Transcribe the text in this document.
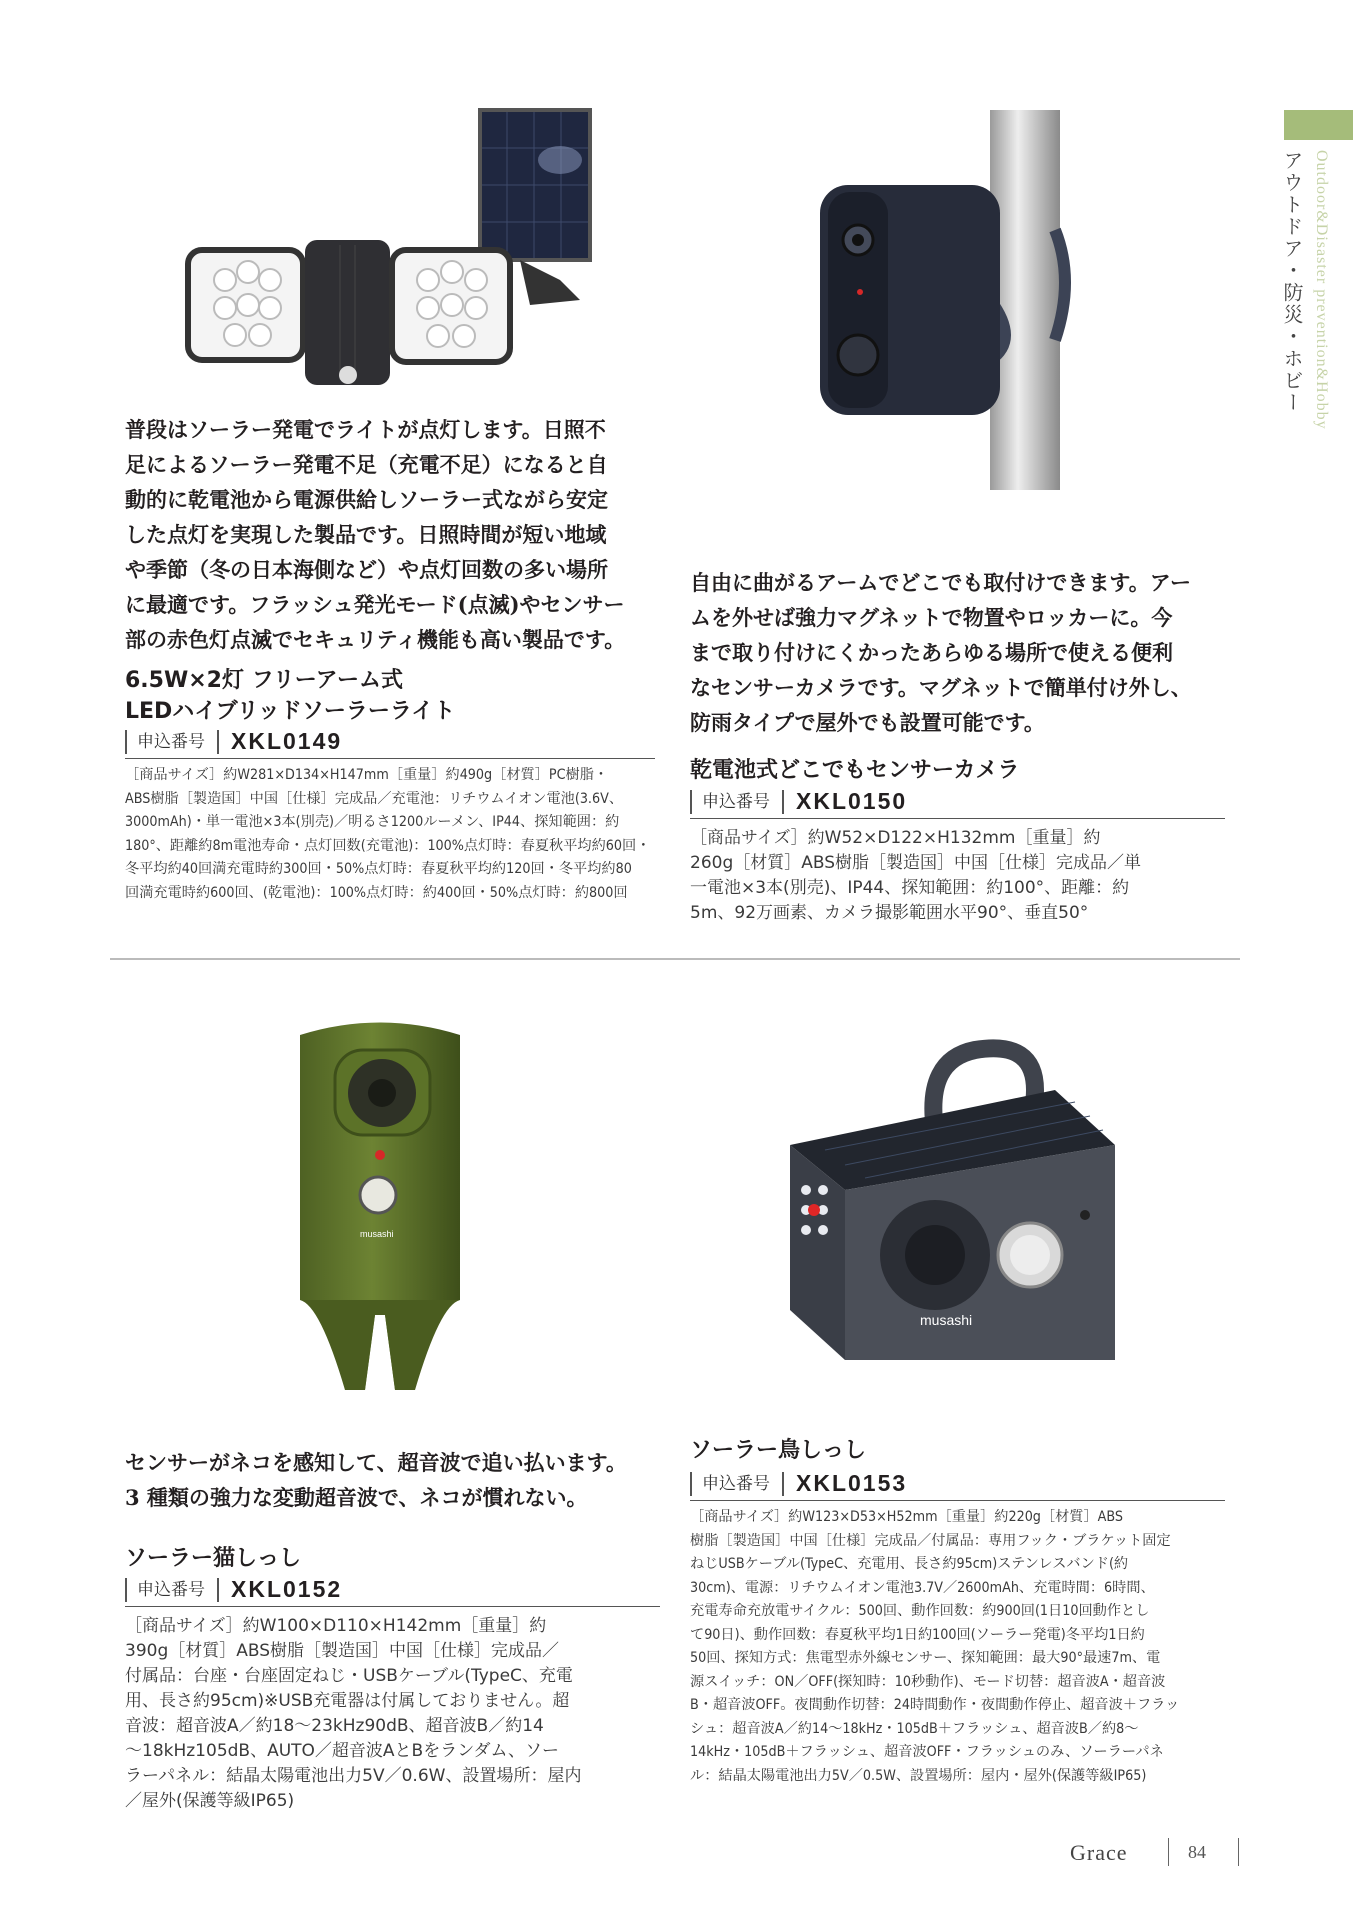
アウトドア・防災・ホビー Outdoor&Disaster prevention&Hobby
普段はソーラー発電でライトが点灯します。日照不
足によるソーラー発電不足（充電不足）になると自
動的に乾電池から電源供給しソーラー式ながら安定
した点灯を実現した製品です。日照時間が短い地域
や季節（冬の日本海側など）や点灯回数の多い場所
に最適です。フラッシュ発光モード(点滅)やセンサー
部の赤色灯点滅でセキュリティ機能も高い製品です。
6.5W×2灯 フリーアーム式
LEDハイブリッドソーラーライト
申込番号	XKL0149
［商品サイズ］約W281×D134×H147mm［重量］約490g［材質］PC樹脂・
ABS樹脂［製造国］中国［仕様］完成品／充電池：リチウムイオン電池(3.6V、
3000mAh)・単一電池×3本(別売)／明るさ1200ルーメン、IP44、探知範囲：約
180°、距離約8m電池寿命・点灯回数(充電池)：100%点灯時：春夏秋平均約60回・
冬平均約40回満充電時約300回・50%点灯時：春夏秋平均約120回・冬平均約80
回満充電時約600回、(乾電池)：100%点灯時：約400回・50%点灯時：約800回
自由に曲がるアームでどこでも取付けできます。アー
ムを外せば強力マグネットで物置やロッカーに。今
まで取り付けにくかったあらゆる場所で使える便利
なセンサーカメラです。マグネットで簡単付け外し、
防雨タイプで屋外でも設置可能です。
乾電池式どこでもセンサーカメラ
申込番号	XKL0150
［商品サイズ］約W52×D122×H132mm［重量］約
260g［材質］ABS樹脂［製造国］中国［仕様］完成品／単
一電池×3本(別売)、IP44、探知範囲：約100°、距離：約
5m、92万画素、カメラ撮影範囲水平90°、垂直50°
musashi
musashi
センサーがネコを感知して、超音波で追い払います。
3 種類の強力な変動超音波で、ネコが慣れない。
ソーラー猫しっし
申込番号	XKL0152
［商品サイズ］約W100×D110×H142mm［重量］約
390g［材質］ABS樹脂［製造国］中国［仕様］完成品／
付属品：台座・台座固定ねじ・USBケーブル(TypeC、充電
用、長さ約95cm)※USB充電器は付属しておりません。超
音波：超音波A／約18～23kHz90dB、超音波B／約14
～18kHz105dB、AUTO／超音波AとBをランダム、ソー
ラーパネル：結晶太陽電池出力5V／0.6W、設置場所：屋内
／屋外(保護等級IP65)
ソーラー鳥しっし
申込番号	XKL0153
［商品サイズ］約W123×D53×H52mm［重量］約220g［材質］ABS
樹脂［製造国］中国［仕様］完成品／付属品：専用フック・ブラケット固定
ねじUSBケーブル(TypeC、充電用、長さ約95cm)ステンレスバンド(約
30cm)、電源：リチウムイオン電池3.7V／2600mAh、充電時間：6時間、
充電寿命充放電サイクル：500回、動作回数：約900回(1日10回動作とし
て90日)、動作回数：春夏秋平均1日約100回(ソーラー発電)冬平均1日約
50回、探知方式：焦電型赤外線センサー、探知範囲：最大90°最速7m、電
源スイッチ：ON／OFF(探知時：10秒動作)、モード切替：超音波A・超音波
B・超音波OFF。夜間動作切替：24時間動作・夜間動作停止、超音波＋フラッ
シュ：超音波A／約14～18kHz・105dB＋フラッシュ、超音波B／約8～
14kHz・105dB＋フラッシュ、超音波OFF・フラッシュのみ、ソーラーパネ
ル：結晶太陽電池出力5V／0.5W、設置場所：屋内・屋外(保護等級IP65)
Grace	84
